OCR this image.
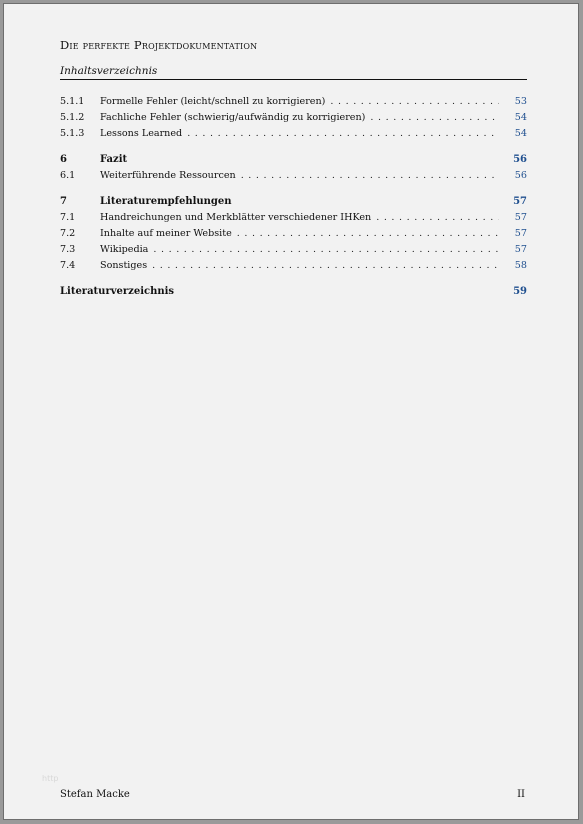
Die perfekte Projektdokumentation
Inhaltsverzeichnis
5.1.1 Formelle Fehler (leicht/schnell zu korrigieren) . . .	53
5.1.2 Fachliche Fehler (schwierig/aufwändig zu korrigieren) . . .	54
5.1.3 Lessons Learned . . .	54
6	Fazit	56
6.1	Weiterführende Ressourcen . . .	56
7	Literaturempfehlungen	57
7.1	Handreichungen und Merkblätter verschiedener IHKen . . .	57
7.2	Inhalte auf meiner Website . . .	57
7.3	Wikipedia . . .	57
7.4	Sonstiges . . .	58
Literaturverzeichnis	59
http
Stefan Macke	II
